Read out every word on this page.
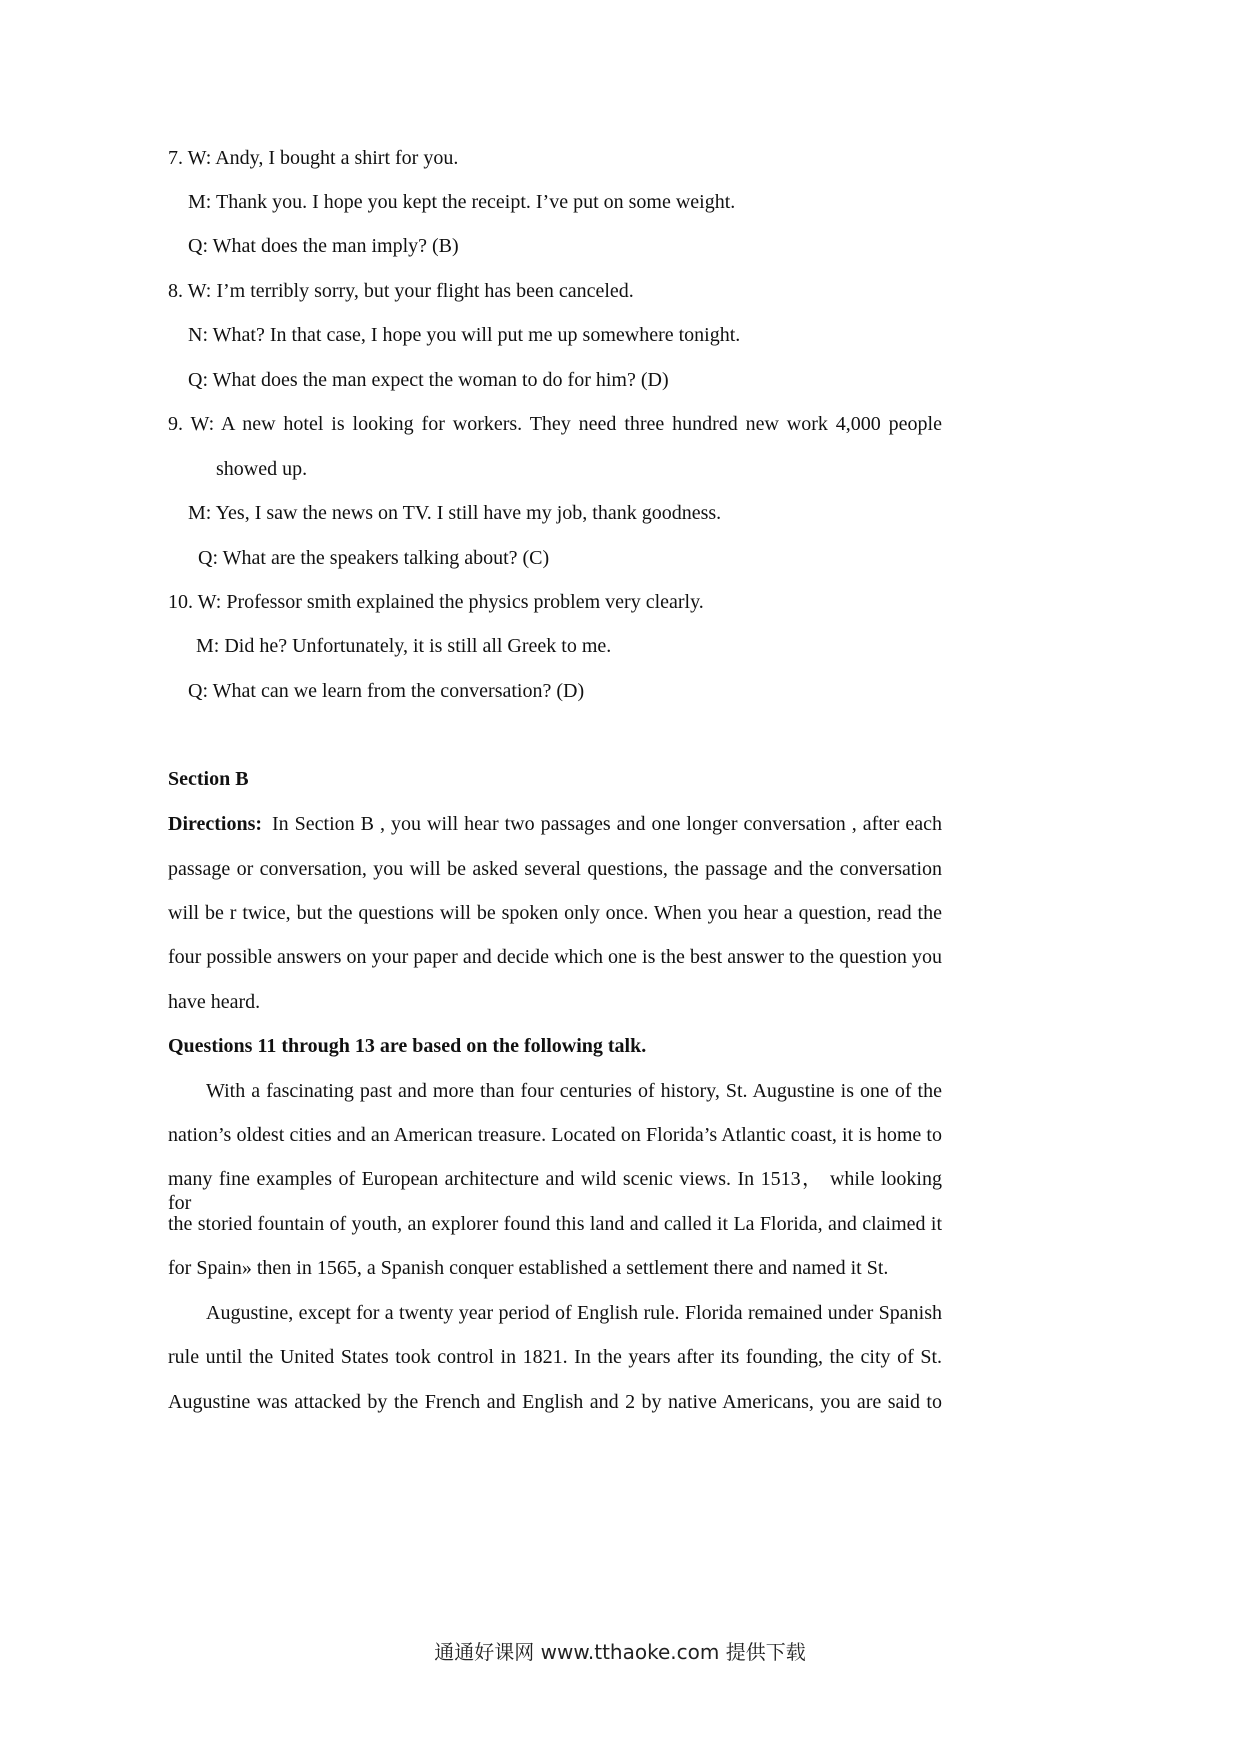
7. W: Andy, I bought a shirt for you.
M: Thank you. I hope you kept the receipt. I’ve put on some weight.
Q: What does the man imply? (B)
8. W: I’m terribly sorry, but your flight has been canceled.
N: What? In that case, I hope you will put me up somewhere tonight.
Q: What does the man expect the woman to do for him? (D)
9. W: A new hotel is looking for workers. They need three hundred new work 4,000 people
showed up.
M: Yes, I saw the news on TV. I still have my job, thank goodness.
Q: What are the speakers talking about? (C)
10. W: Professor smith explained the physics problem very clearly.
M: Did he? Unfortunately, it is still all Greek to me.
Q: What can we learn from the conversation? (D)
Section B
Directions: In Section B , you will hear two passages and one longer conversation , after each
passage or conversation, you will be asked several questions, the passage and the conversation
will be r twice, but the questions will be spoken only once. When you hear a question, read the
four possible answers on your paper and decide which one is the best answer to the question you
have heard.
Questions 11 through 13 are based on the following talk.
With a fascinating past and more than four centuries of history, St. Augustine is one of the
nation’s oldest cities and an American treasure. Located on Florida’s Atlantic coast, it is home to
many fine examples of European architecture and wild scenic views. In 1513， while looking for
the storied fountain of youth, an explorer found this land and called it La Florida, and claimed it
for Spain» then in 1565, a Spanish conquer established a settlement there and named it St.
Augustine, except for a twenty year period of English rule. Florida remained under Spanish
rule until the United States took control in 1821. In the years after its founding, the city of St.
Augustine was attacked by the French and English and 2 by native Americans, you are said to
通通好课网 www.tthaoke.com 提供下载
